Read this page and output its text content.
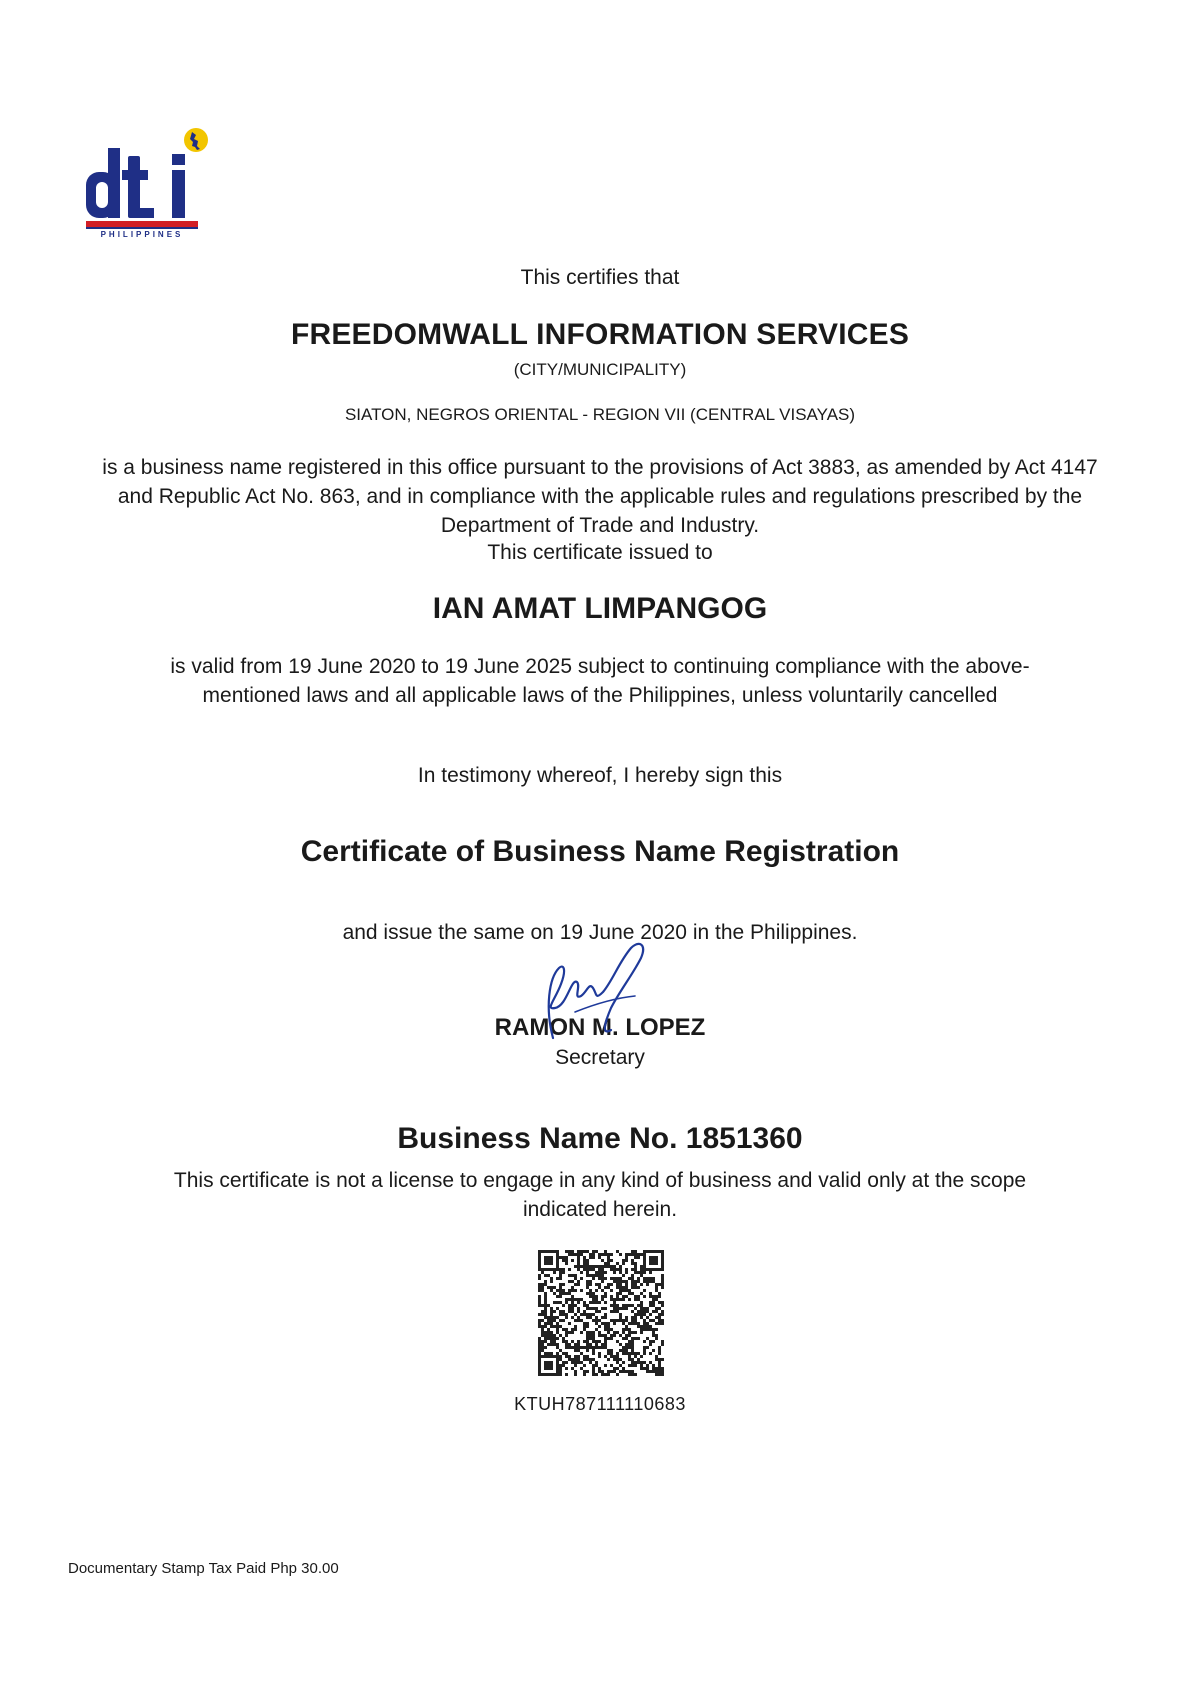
PHILIPPINES
This certifies that
FREEDOMWALL INFORMATION SERVICES
(CITY/MUNICIPALITY)
SIATON, NEGROS ORIENTAL - REGION VII (CENTRAL VISAYAS)
is a business name registered in this office pursuant to the provisions of Act 3883, as amended by Act 4147 and Republic Act No. 863, and in compliance with the applicable rules and regulations prescribed by the Department of Trade and Industry.
This certificate issued to
IAN AMAT LIMPANGOG
is valid from 19 June 2020 to 19 June 2025 subject to continuing compliance with the above-mentioned laws and all applicable laws of the Philippines, unless voluntarily cancelled
In testimony whereof, I hereby sign this
Certificate of Business Name Registration
and issue the same on 19 June 2020 in the Philippines.
RAMON M. LOPEZ
Secretary
Business Name No. 1851360
This certificate is not a license to engage in any kind of business and valid only at the scope indicated herein.
KTUH787111110683
Documentary Stamp Tax Paid Php 30.00
